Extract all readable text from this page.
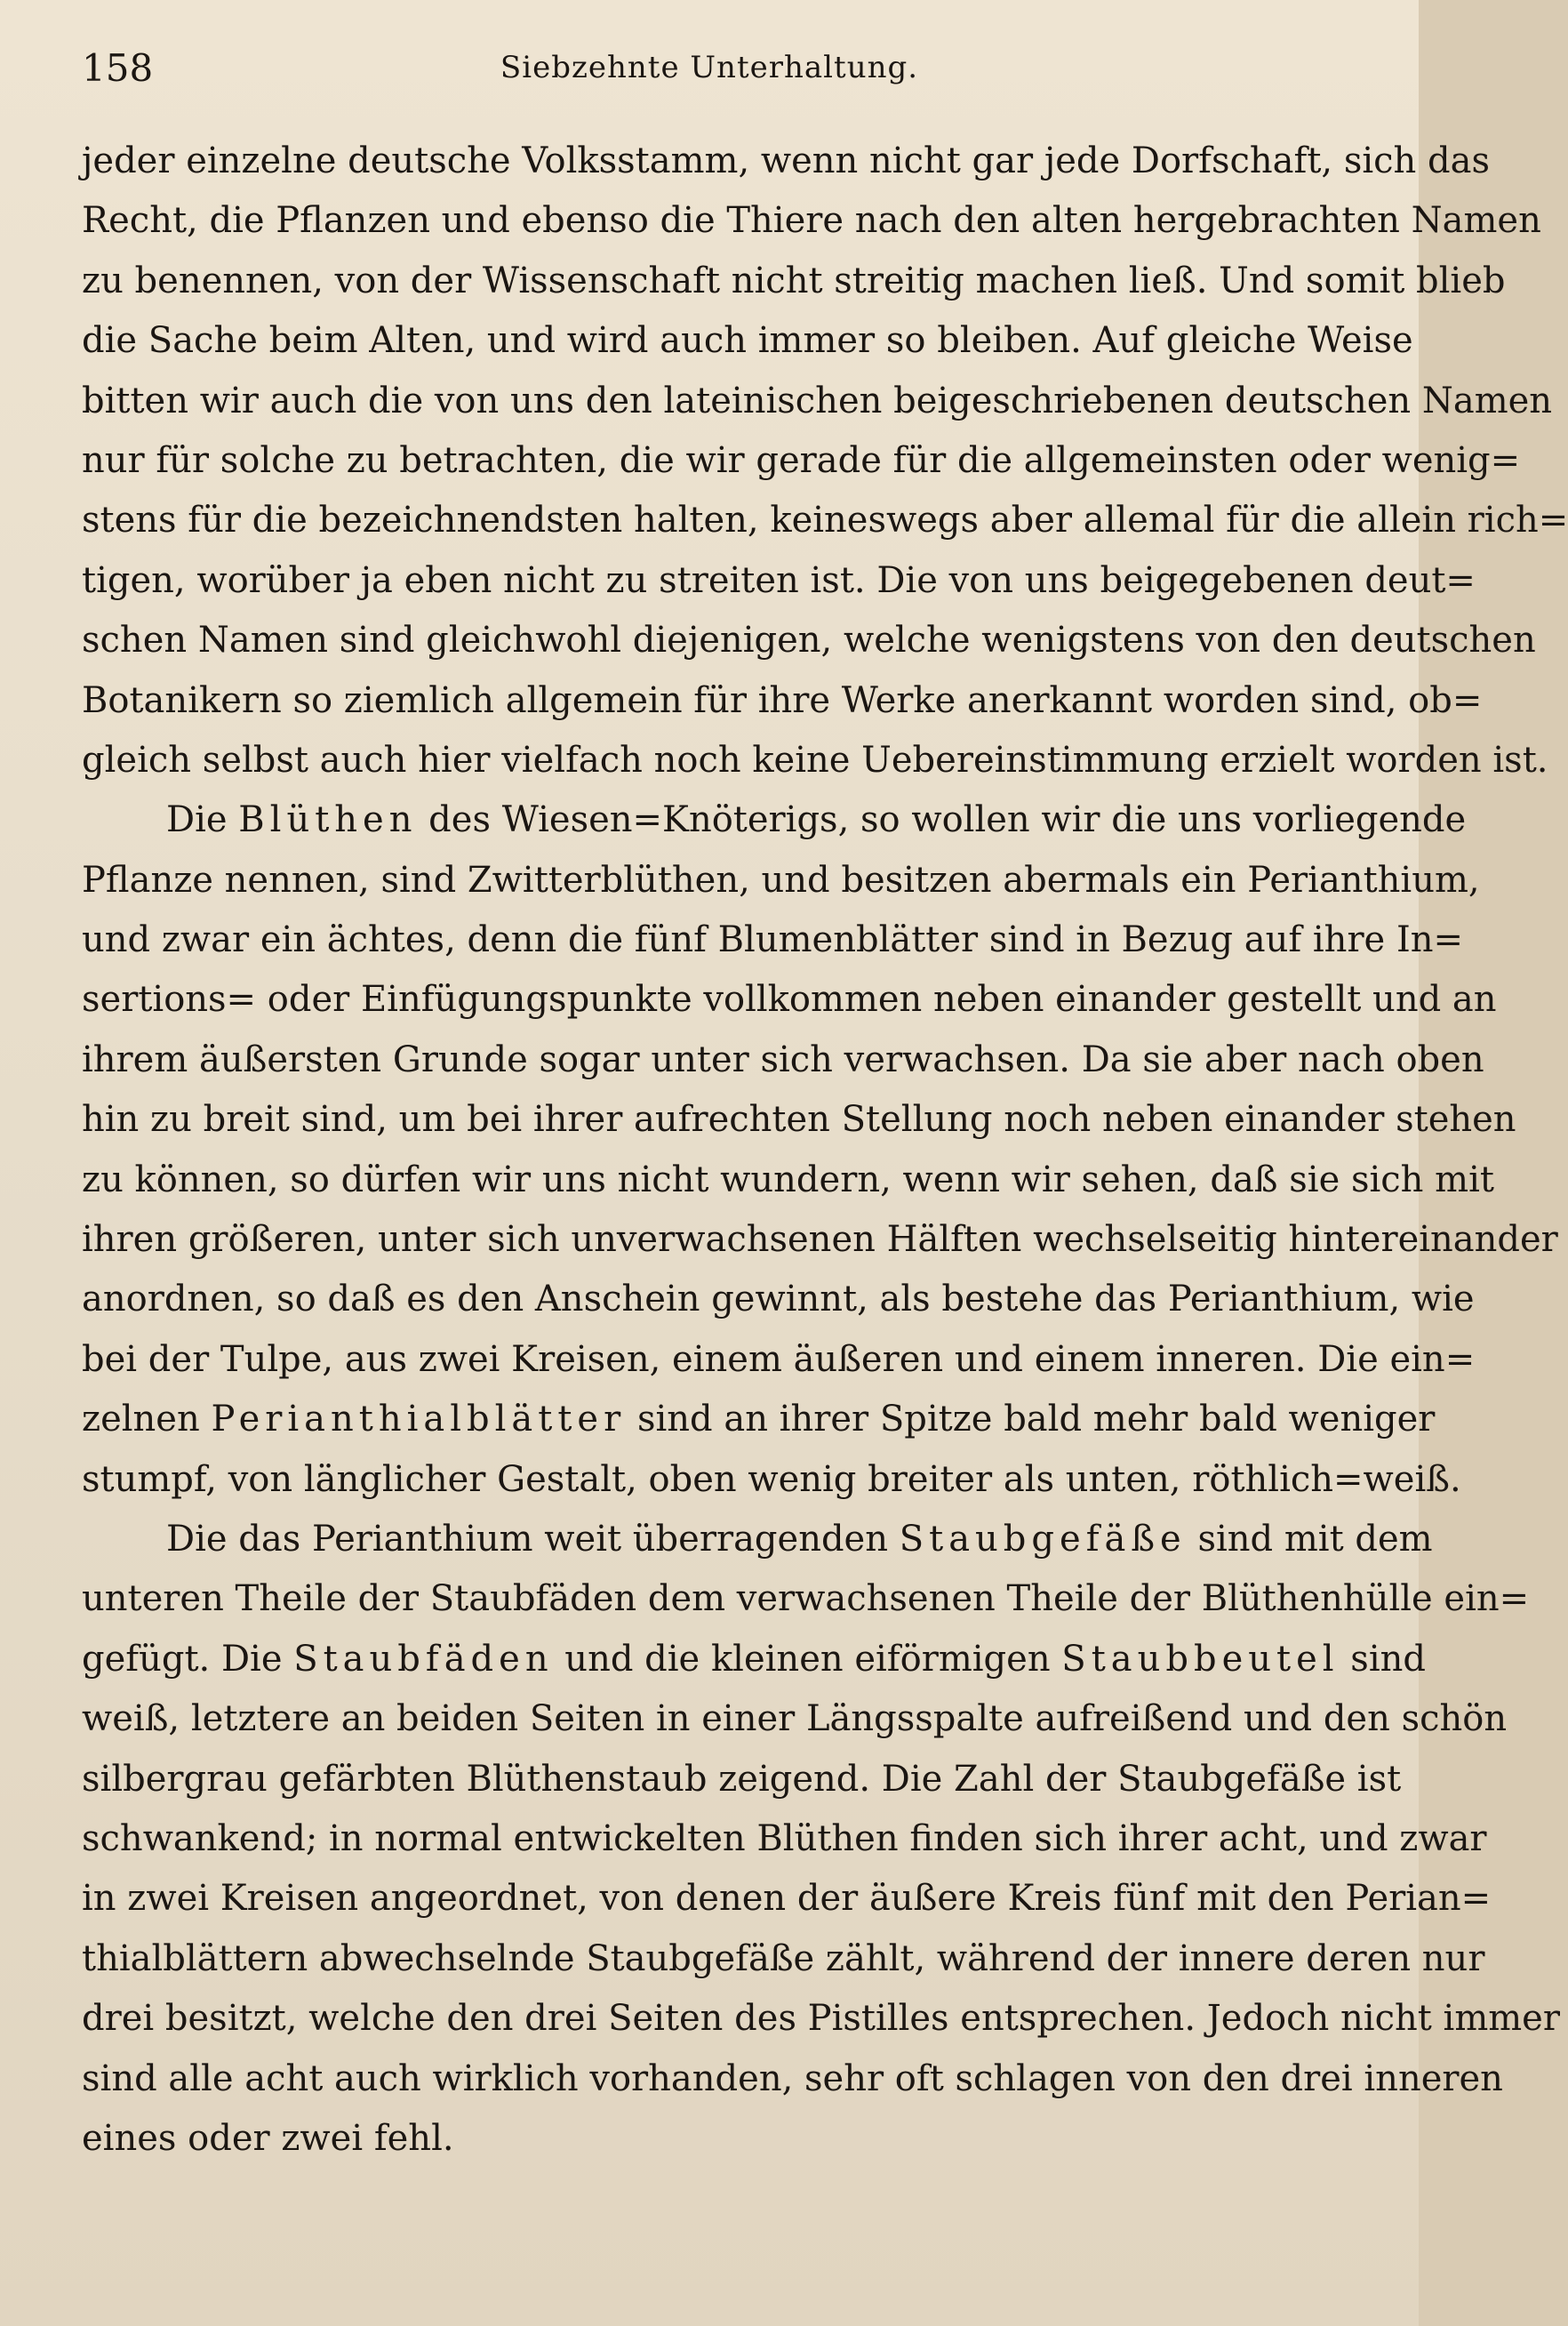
158	Siebzehnte Unterhaltung.
jeder einzelne deutsche Volksstamm, wenn nicht gar jede Dorfschaft, sich das
Recht, die Pflanzen und ebenso die Thiere nach den alten hergebrachten Namen
zu benennen, von der Wissenschaft nicht streitig machen ließ. Und somit blieb
die Sache beim Alten, und wird auch immer so bleiben. Auf gleiche Weise
bitten wir auch die von uns den lateinischen beigeschriebenen deutschen Namen
nur für solche zu betrachten, die wir gerade für die allgemeinsten oder wenig=
stens für die bezeichnendsten halten, keineswegs aber allemal für die allein rich=
tigen, worüber ja eben nicht zu streiten ist. Die von uns beigegebenen deut=
schen Namen sind gleichwohl diejenigen, welche wenigstens von den deutschen
Botanikern so ziemlich allgemein für ihre Werke anerkannt worden sind, ob=
gleich selbst auch hier vielfach noch keine Uebereinstimmung erzielt worden ist.
Die Blüthen des Wiesen=Knöterigs, so wollen wir die uns vorliegende
Pflanze nennen, sind Zwitterblüthen, und besitzen abermals ein Perianthium,
und zwar ein ächtes, denn die fünf Blumenblätter sind in Bezug auf ihre In=
sertions= oder Einfügungspunkte vollkommen neben einander gestellt und an
ihrem äußersten Grunde sogar unter sich verwachsen. Da sie aber nach oben
hin zu breit sind, um bei ihrer aufrechten Stellung noch neben einander stehen
zu können, so dürfen wir uns nicht wundern, wenn wir sehen, daß sie sich mit
ihren größeren, unter sich unverwachsenen Hälften wechselseitig hintereinander
anordnen, so daß es den Anschein gewinnt, als bestehe das Perianthium, wie
bei der Tulpe, aus zwei Kreisen, einem äußeren und einem inneren. Die ein=
zelnen Perianthialblätter sind an ihrer Spitze bald mehr bald weniger
stumpf, von länglicher Gestalt, oben wenig breiter als unten, röthlich=weiß.
Die das Perianthium weit überragenden Staubgefäße sind mit dem
unteren Theile der Staubfäden dem verwachsenen Theile der Blüthenhülle ein=
gefügt. Die Staubfäden und die kleinen eiförmigen Staubbeutel sind
weiß, letztere an beiden Seiten in einer Längsspalte aufreißend und den schön
silbergrau gefärbten Blüthenstaub zeigend. Die Zahl der Staubgefäße ist
schwankend; in normal entwickelten Blüthen finden sich ihrer acht, und zwar
in zwei Kreisen angeordnet, von denen der äußere Kreis fünf mit den Perian=
thialblättern abwechselnde Staubgefäße zählt, während der innere deren nur
drei besitzt, welche den drei Seiten des Pistilles entsprechen. Jedoch nicht immer
sind alle acht auch wirklich vorhanden, sehr oft schlagen von den drei inneren
eines oder zwei fehl.
